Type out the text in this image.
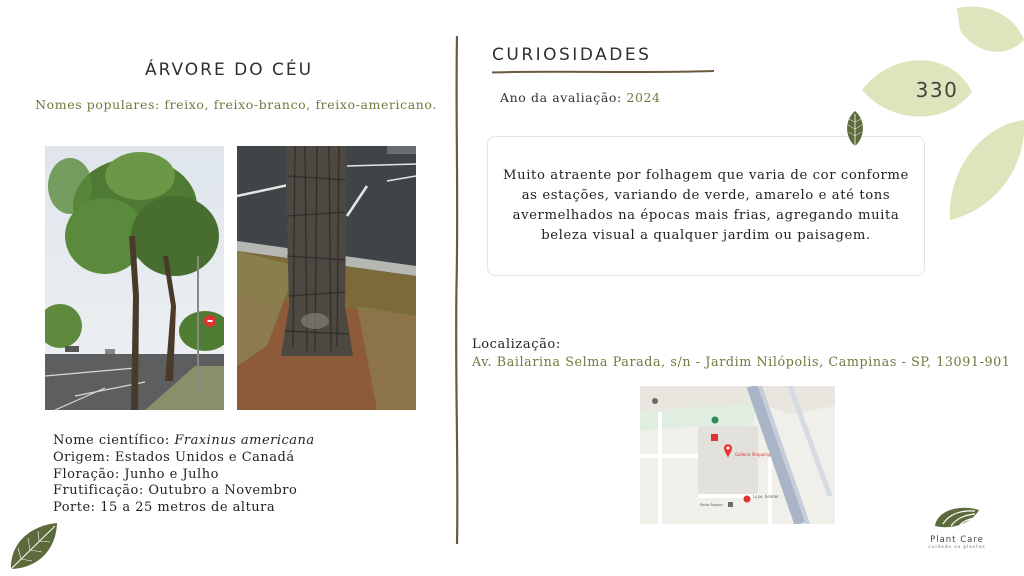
ÁRVORE DO CÉU
Nomes populares: freixo, freixo-branco, freixo-americano.
Nome científico: Fraxinus americana
Origem: Estados Unidos e Canadá
Floração: Junho e Julho
Frutificação: Outubro a Novembro
Porte: 15 a 25 metros de altura
CURIOSIDADES
Ano da avaliação: 2024

Muito atraente por folhagem que varia de cor conforme as estações, variando de verde, amarelo e até tons avermelhados na épocas mais frias, agregando muita beleza visual a qualquer jardim ou paisagem.

Localização:
Av. Bailarina Selma Parada, s/n - Jardim Nilópolis, Campinas - SP, 13091-901
Galleria Shopping
Lojas Renner
Porto Seguro
330
Plant Care
cuidado ao plantas
